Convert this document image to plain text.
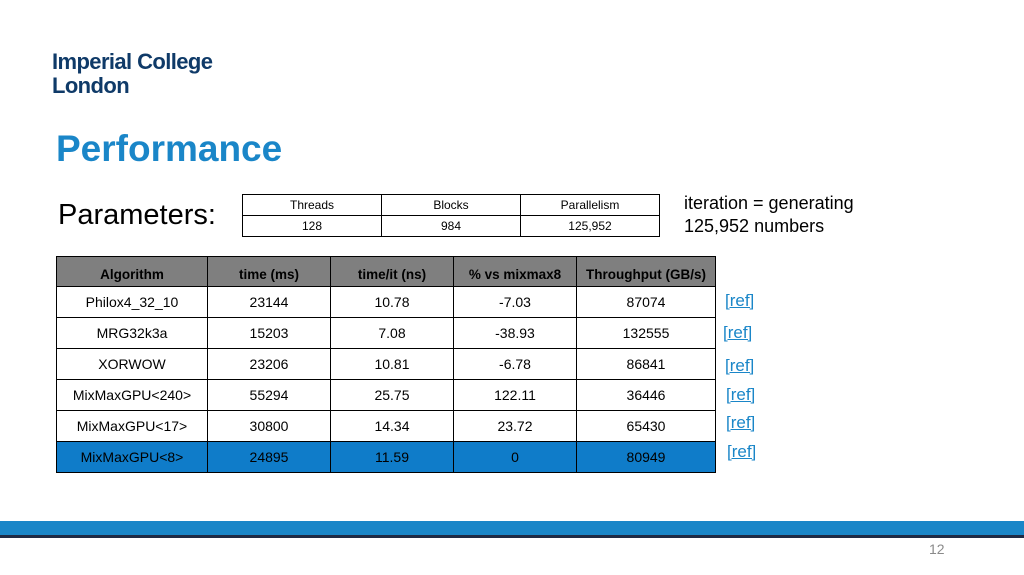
Imperial College
London
Performance
Parameters:	Threads	Blocks	Parallelism
128	984	125,952
iteration = generating
125,952 numbers
Algorithm	time (ms)	time/it (ns)	% vs mixmax8	Throughput (GB/s)
Philox4_32_10	23144	10.78	-7.03	87074
MRG32k3a	15203	7.08	-38.93	132555
XORWOW	23206	10.81	-6.78	86841
MixMaxGPU<240>	55294	25.75	122.11	36446
MixMaxGPU<17>	30800	14.34	23.72	65430
MixMaxGPU<8>	24895	11.59	0	80949
[ref]
[ref]
[ref]
[ref]
[ref]
[ref]
12
